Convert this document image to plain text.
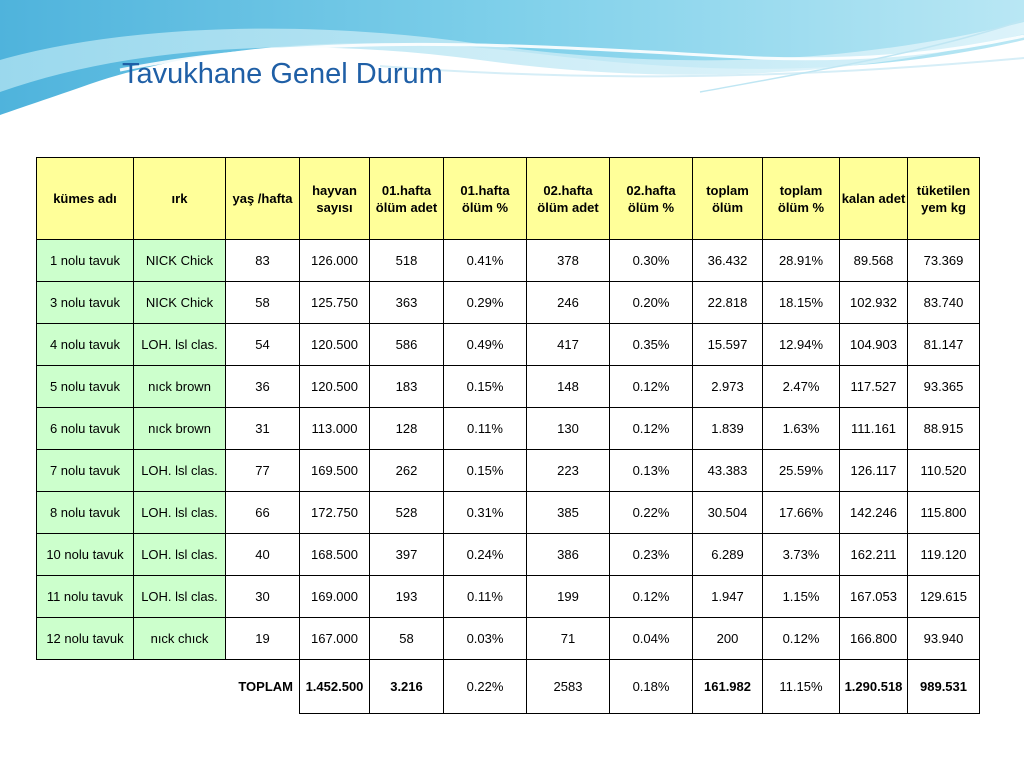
Tavukhane Genel Durum
kümes adı	ırk	yaş /hafta	hayvan sayısı	01.hafta ölüm adet	01.hafta ölüm %	02.hafta ölüm adet	02.hafta ölüm %	toplam ölüm	toplam ölüm %	kalan adet	tüketilen yem kg
1 nolu tavuk	NICK Chick	83	126.000	518	0.41%	378	0.30%	36.432	28.91%	89.568	73.369
3 nolu tavuk	NICK Chick	58	125.750	363	0.29%	246	0.20%	22.818	18.15%	102.932	83.740
4 nolu tavuk	LOH. lsl clas.	54	120.500	586	0.49%	417	0.35%	15.597	12.94%	104.903	81.147
5 nolu tavuk	nıck brown	36	120.500	183	0.15%	148	0.12%	2.973	2.47%	117.527	93.365
6 nolu tavuk	nıck brown	31	113.000	128	0.11%	130	0.12%	1.839	1.63%	111.161	88.915
7 nolu tavuk	LOH. lsl clas.	77	169.500	262	0.15%	223	0.13%	43.383	25.59%	126.117	110.520
8 nolu tavuk	LOH. lsl clas.	66	172.750	528	0.31%	385	0.22%	30.504	17.66%	142.246	115.800
10 nolu tavuk	LOH. lsl clas.	40	168.500	397	0.24%	386	0.23%	6.289	3.73%	162.211	119.120
11 nolu tavuk	LOH. lsl clas.	30	169.000	193	0.11%	199	0.12%	1.947	1.15%	167.053	129.615
12 nolu tavuk	nıck chıck	19	167.000	58	0.03%	71	0.04%	200	0.12%	166.800	93.940
TOPLAM			1.452.500	3.216	0.22%	2583	0.18%	161.982	11.15%	1.290.518	989.531
